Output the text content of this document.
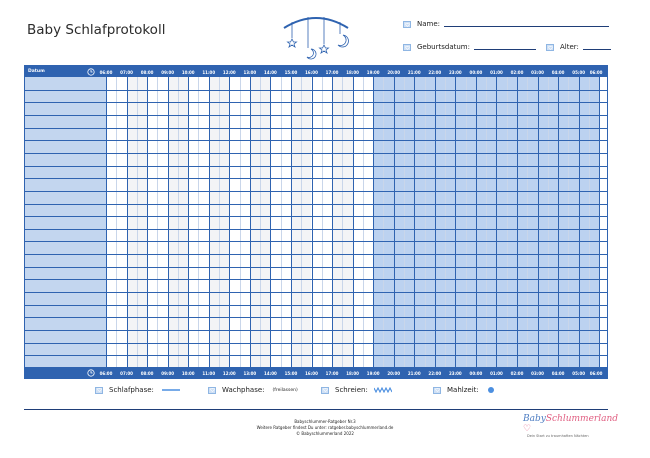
Baby Schlafprotokoll	Name:
Geburtsdatum:	Alter:
Datum	06:00	07:00	08:00	09:00	10:00	11:00	12:00	13:00	14:00	15:00	16:00	17:00	18:00	19:00	20:00	21:00	22:00	23:00	00:00	01:00	02:00	03:00	04:00	05:00	06:00
06:00	07:00	08:00	09:00	10:00	11:00	12:00	13:00	14:00	15:00	16:00	17:00	18:00	19:00	20:00	21:00	22:00	23:00	00:00	01:00	02:00	03:00	04:00	05:00	06:00
Schlafphase:	Wachphase: (freilassen)	Schreien:	Mahlzeit:
Babyschlummer-Ratgeber Nr.3
Weitere Ratgeber findest Du unter: ratgeber.babyschlummerland.de
© Babyschlummerland 2022
BabySchlummerland ♡
Dein Start zu traumhaften Nächten
